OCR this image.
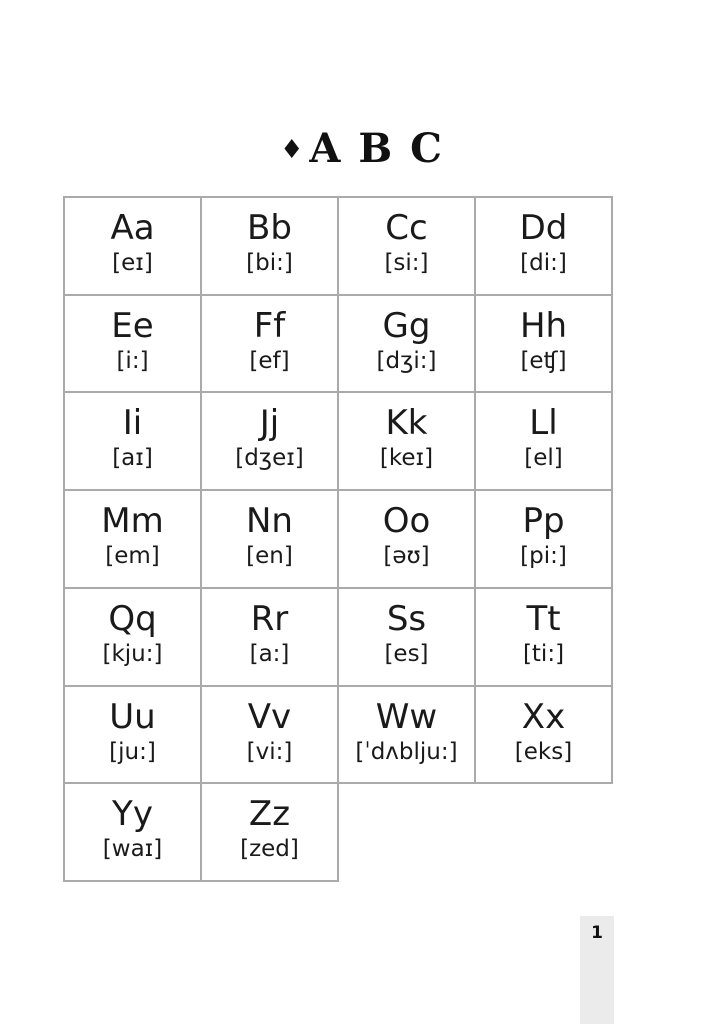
♦ A B C
Aa
[eɪ]
Bb
[bi:]
Cc
[si:]
Dd
[di:]
Ee
[i:]
Ff
[ef]
Gg
[dʒi:]
Hh
[eʧ]
Ii
[aɪ]
Jj
[dʒeɪ]
Kk
[keɪ]
Ll
[el]
Mm
[em]
Nn
[en]
Oo
[əʊ]
Pp
[pi:]
Qq
[kju:]
Rr
[a:]
Ss
[es]
Tt
[ti:]
Uu
[ju:]
Vv
[vi:]
Ww
[ˈdʌblju:]
Xx
[eks]
Yy
[waɪ]
Zz
[zed]
1
